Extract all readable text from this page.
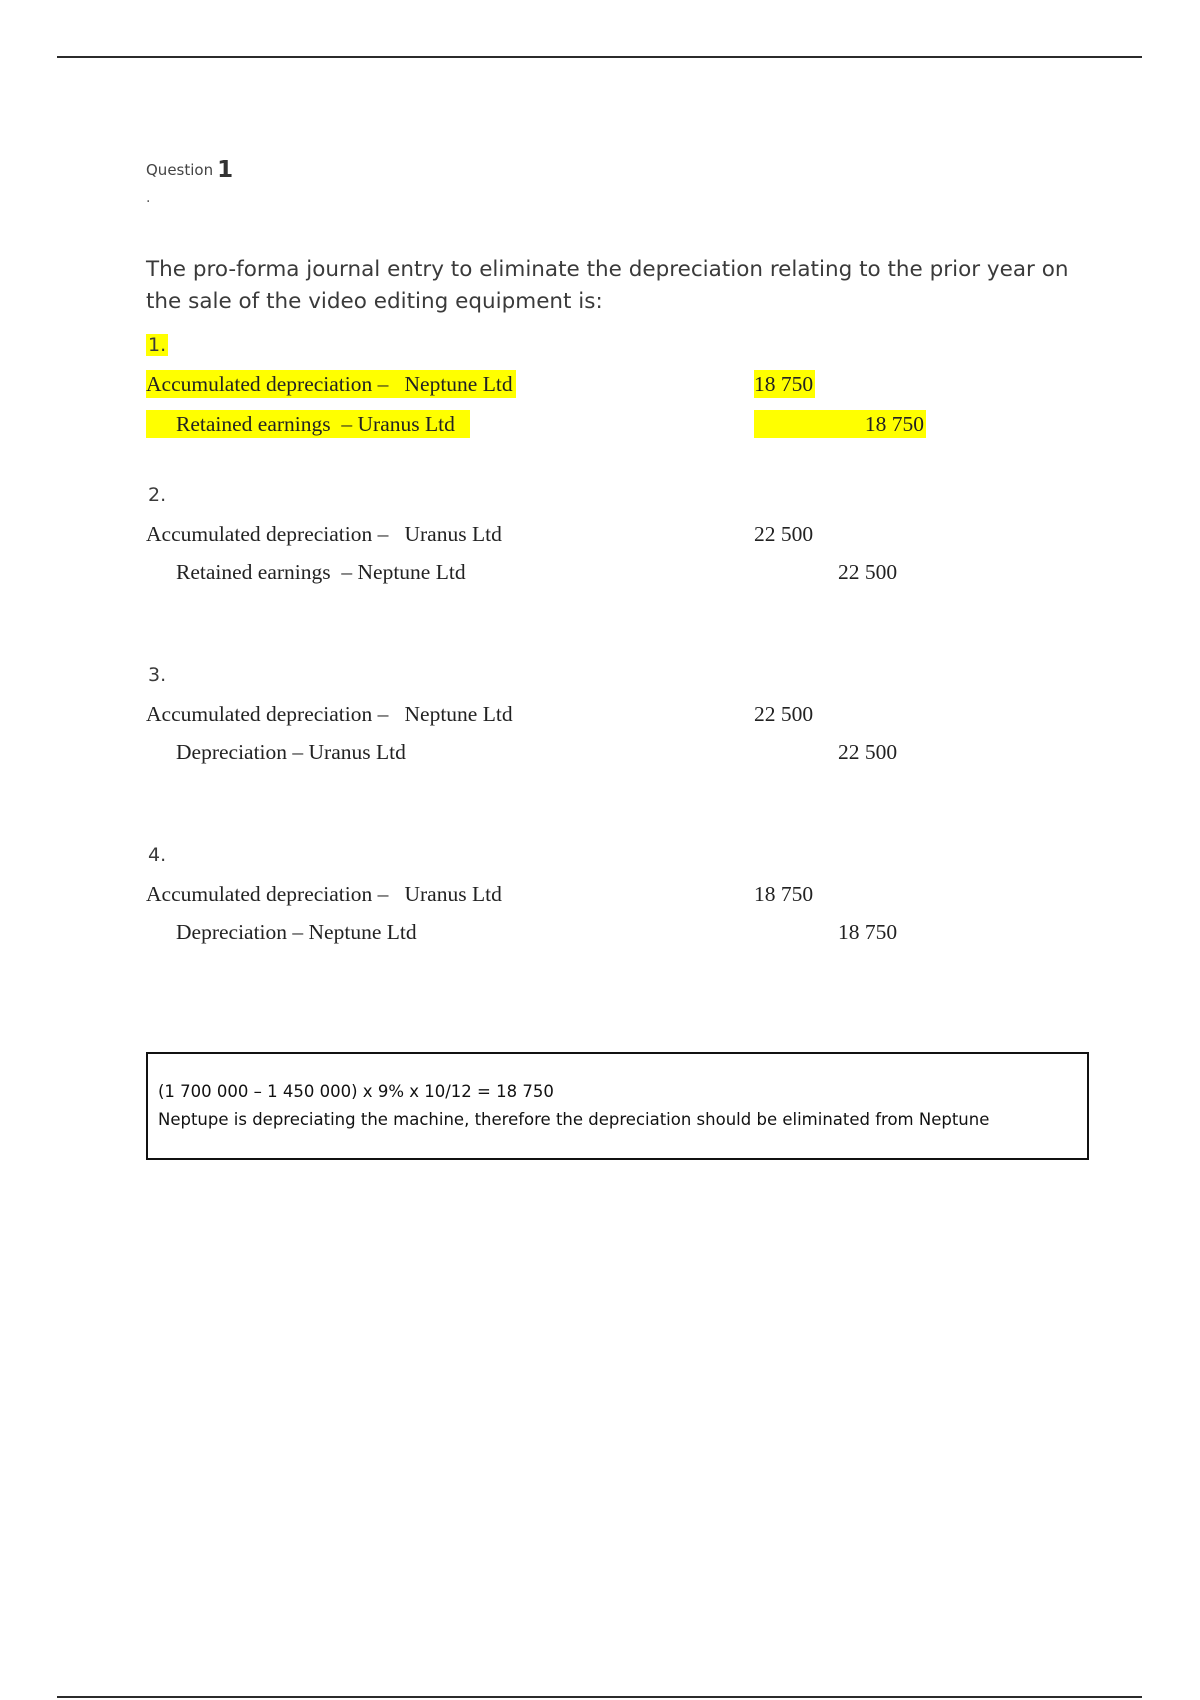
Question 1
.
The pro-forma journal entry to eliminate the depreciation relating to the prior year on the sale of the video editing equipment is:
1.
Accumulated depreciation – Neptune Ltd	18 750
Retained earnings – Uranus Ltd	18 750
2.
Accumulated depreciation – Uranus Ltd	22 500
Retained earnings – Neptune Ltd	22 500
3.
Accumulated depreciation – Neptune Ltd	22 500
Depreciation – Uranus Ltd	22 500
4.
Accumulated depreciation – Uranus Ltd	18 750
Depreciation – Neptune Ltd	18 750
(1 700 000 – 1 450 000) x 9% x 10/12 = 18 750
Neptupe is depreciating the machine, therefore the depreciation should be eliminated from Neptune
